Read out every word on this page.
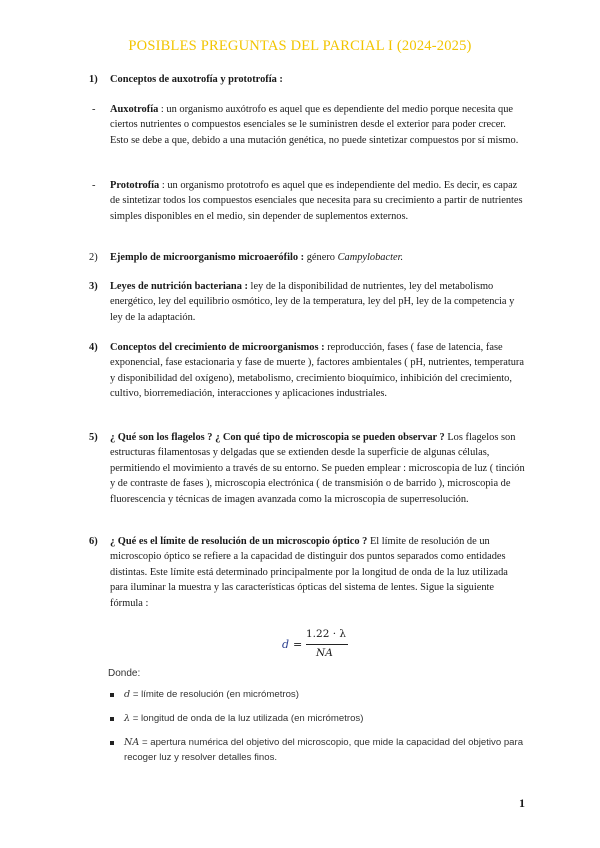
POSIBLES PREGUNTAS DEL PARCIAL I (2024-2025)
1) Conceptos de auxotrofía y prototrofía :
- Auxotrofía : un organismo auxótrofo es aquel que es dependiente del medio porque necesita que ciertos nutrientes o compuestos esenciales se le suministren desde el exterior para poder crecer. Esto se debe a que, debido a una mutación genética, no puede sintetizar compuestos por sí mismo.
- Prototrofía : un organismo prototrofo es aquel que es independiente del medio. Es decir, es capaz de sintetizar todos los compuestos esenciales que necesita para su crecimiento a partir de nutrientes simples disponibles en el medio, sin depender de suplementos externos.
2) Ejemplo de microorganismo microaerófilo : género Campylobacter.
3) Leyes de nutrición bacteriana : ley de la disponibilidad de nutrientes, ley del metabolismo energético, ley del equilibrio osmótico, ley de la temperatura, ley del pH, ley de la competencia y ley de la adaptación.
4) Conceptos del crecimiento de microorganismos : reproducción, fases ( fase de latencia, fase exponencial, fase estacionaria y fase de muerte ), factores ambientales ( pH, nutrientes, temperatura y disponibilidad del oxígeno), metabolismo, crecimiento bioquímico, inhibición del crecimiento, cultivo, biorremediación, interacciones y aplicaciones industriales.
5) ¿ Qué son los flagelos ? ¿ Con qué tipo de microscopia se pueden observar ? Los flagelos son estructuras filamentosas y delgadas que se extienden desde la superficie de algunas células, permitiendo el movimiento a través de su entorno. Se pueden emplear : microscopia de luz ( tinción y de contraste de fases ), microscopia electrónica ( de transmisión o de barrido ), microscopia de fluorescencia y técnicas de imagen avanzada como la microscopia de superresolución.
6) ¿ Qué es el límite de resolución de un microscopio óptico ? El límite de resolución de un microscopio óptico se refiere a la capacidad de distinguir dos puntos separados como entidades distintas. Este límite está determinado principalmente por la longitud de onda de la luz utilizada para iluminar la muestra y las características ópticas del sistema de lentes. Sigue la siguiente fórmula :
d =
1.22 · λ
NA
Donde:
d = límite de resolución (en micrómetros)
λ = longitud de onda de la luz utilizada (en micrómetros)
NA = apertura numérica del objetivo del microscopio, que mide la capacidad del objetivo para recoger luz y resolver detalles finos.
1
